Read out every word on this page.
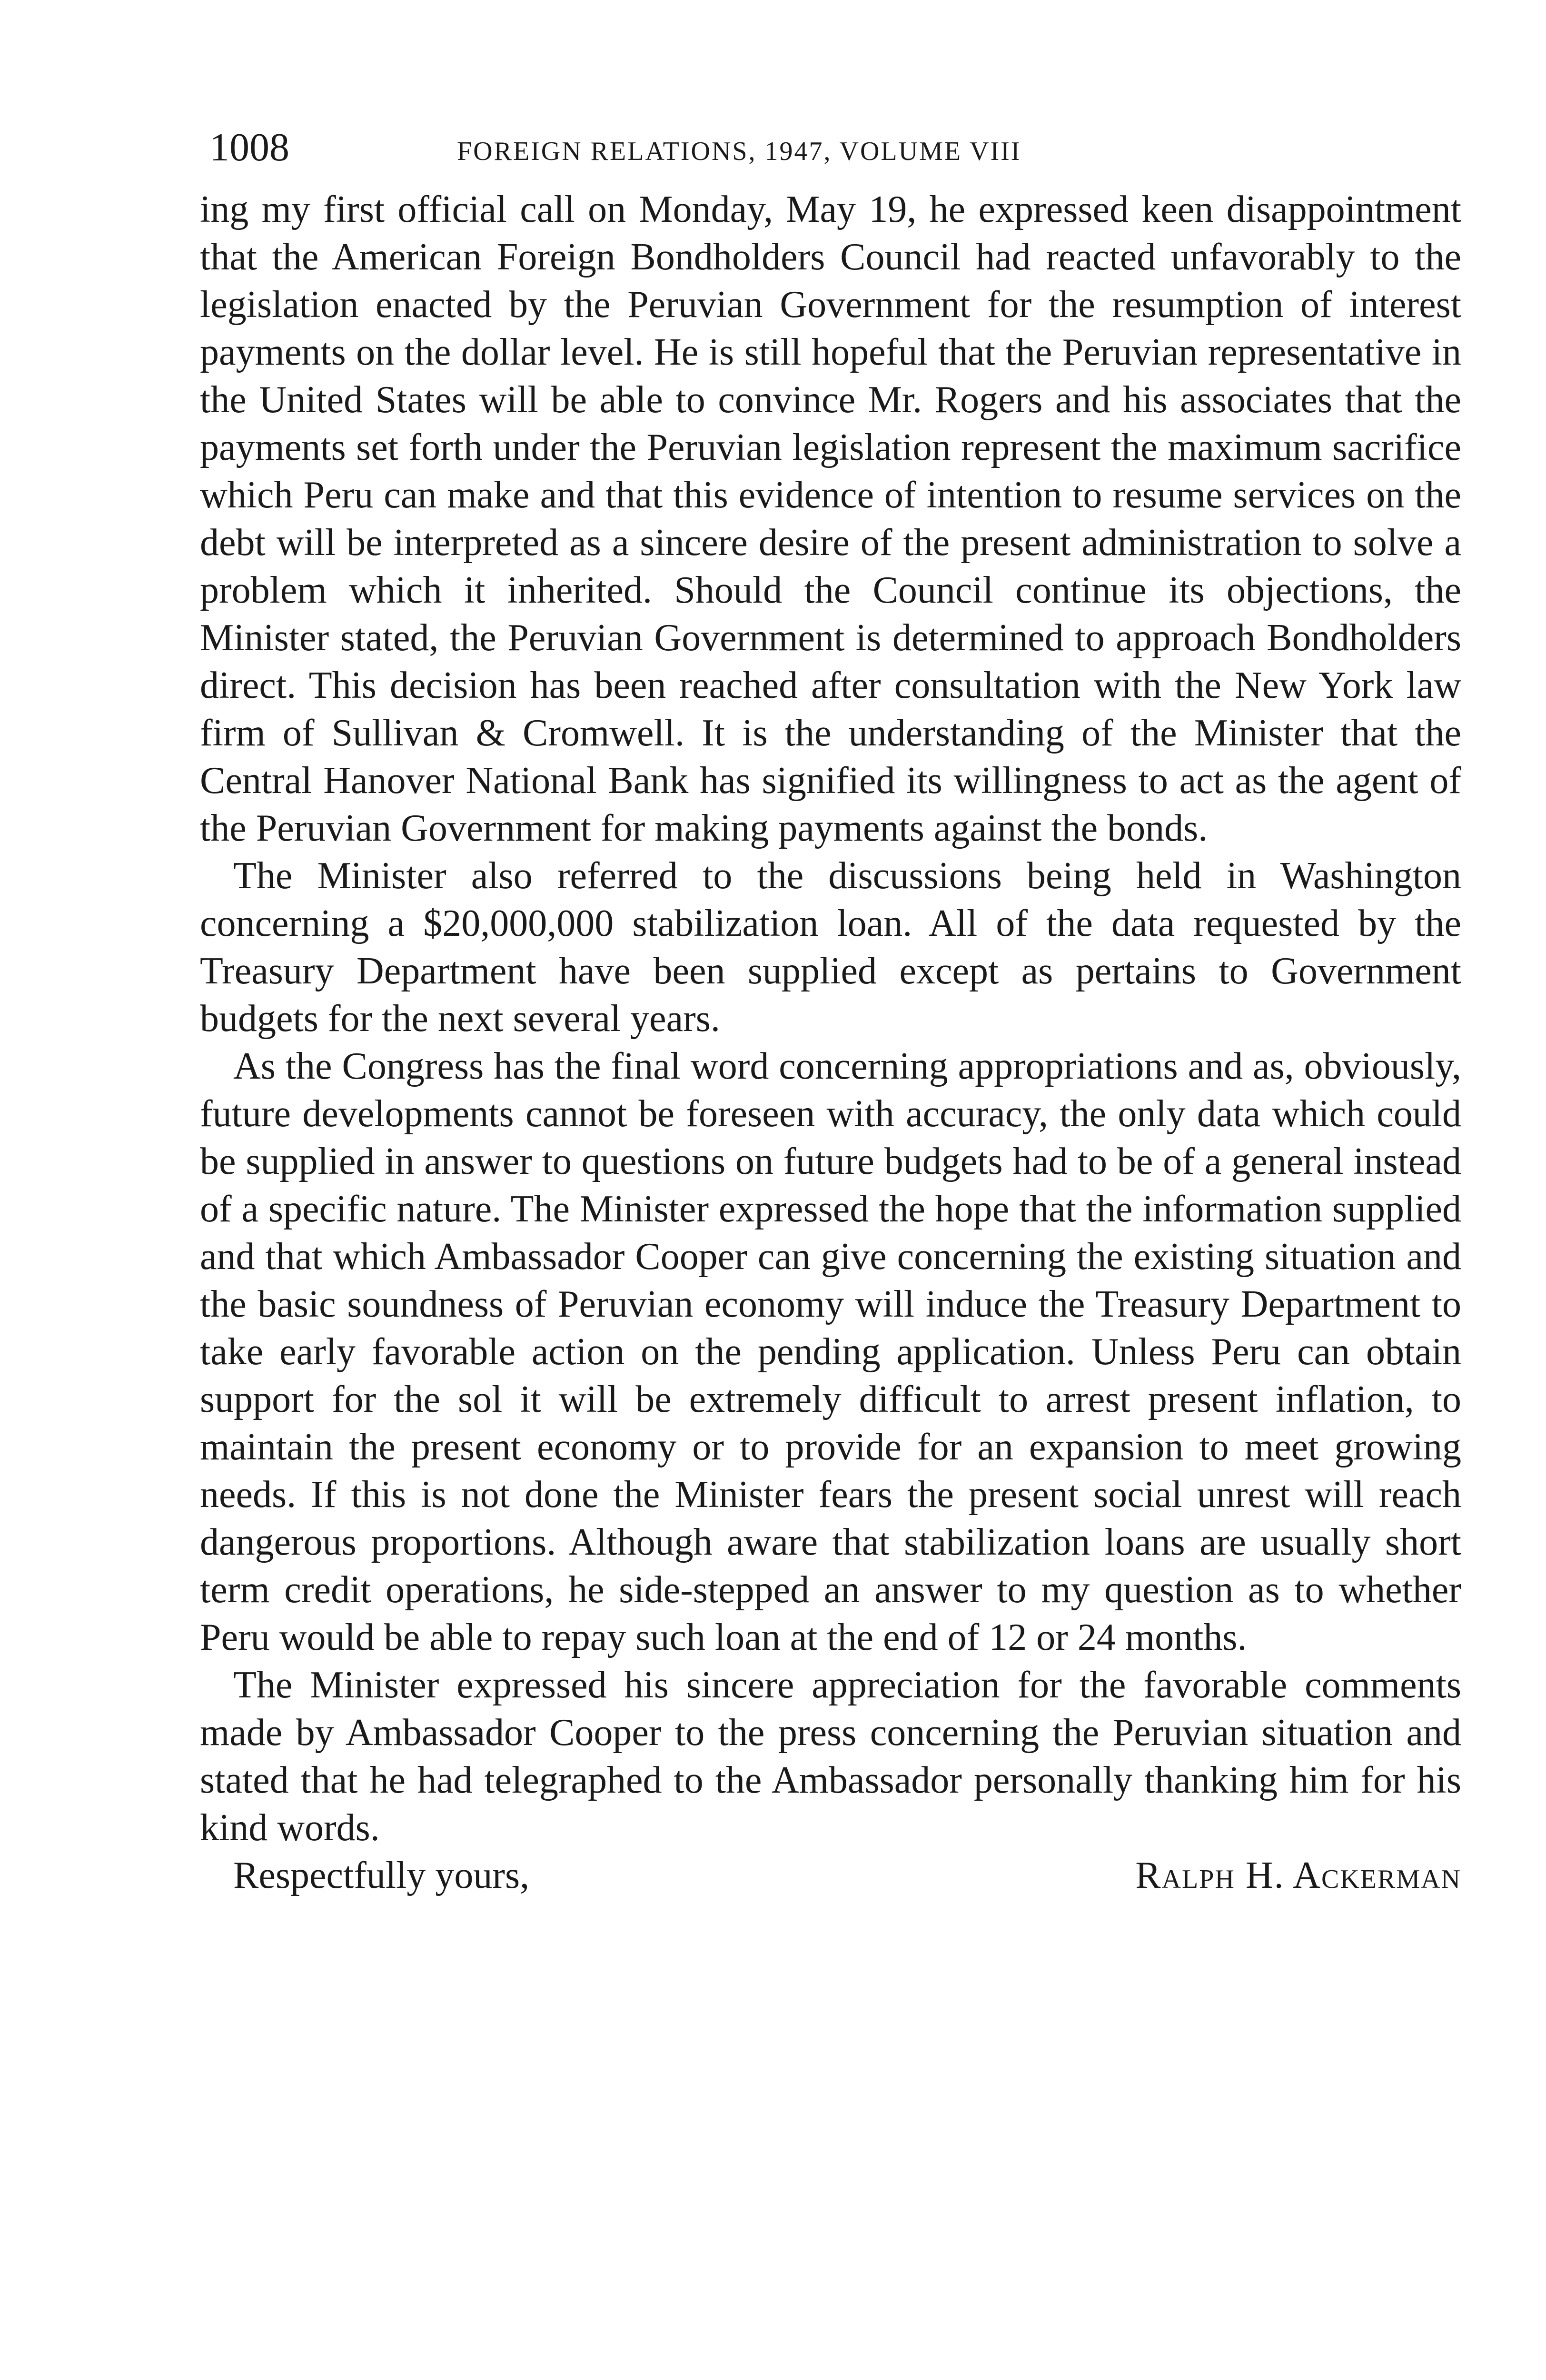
1008	FOREIGN RELATIONS, 1947, VOLUME VIII

ing my first official call on Monday, May 19, he expressed keen disappointment that the American Foreign Bondholders Council had reacted unfavorably to the legislation enacted by the Peruvian Government for the resumption of interest payments on the dollar level. He is still hopeful that the Peruvian representative in the United States will be able to convince Mr. Rogers and his associates that the payments set forth under the Peruvian legislation represent the maximum sacrifice which Peru can make and that this evidence of intention to resume services on the debt will be interpreted as a sincere desire of the present administration to solve a problem which it inherited. Should the Council continue its objections, the Minister stated, the Peruvian Government is determined to approach Bondholders direct. This decision has been reached after consultation with the New York law firm of Sullivan & Cromwell. It is the understanding of the Minister that the Central Hanover National Bank has signified its willingness to act as the agent of the Peruvian Government for making payments against the bonds.

The Minister also referred to the discussions being held in Washington concerning a $20,000,000 stabilization loan. All of the data requested by the Treasury Department have been supplied except as pertains to Government budgets for the next several years.

As the Congress has the final word concerning appropriations and as, obviously, future developments cannot be foreseen with accuracy, the only data which could be supplied in answer to questions on future budgets had to be of a general instead of a specific nature. The Minister expressed the hope that the information supplied and that which Ambassador Cooper can give concerning the existing situation and the basic soundness of Peruvian economy will induce the Treasury Department to take early favorable action on the pending application. Unless Peru can obtain support for the sol it will be extremely difficult to arrest present inflation, to maintain the present economy or to provide for an expansion to meet growing needs. If this is not done the Minister fears the present social unrest will reach dangerous proportions. Although aware that stabilization loans are usually short term credit operations, he side-stepped an answer to my question as to whether Peru would be able to repay such loan at the end of 12 or 24 months.

The Minister expressed his sincere appreciation for the favorable comments made by Ambassador Cooper to the press concerning the Peruvian situation and stated that he had telegraphed to the Ambassador personally thanking him for his kind words.

Respectfully yours,	Ralph H. Ackerman
